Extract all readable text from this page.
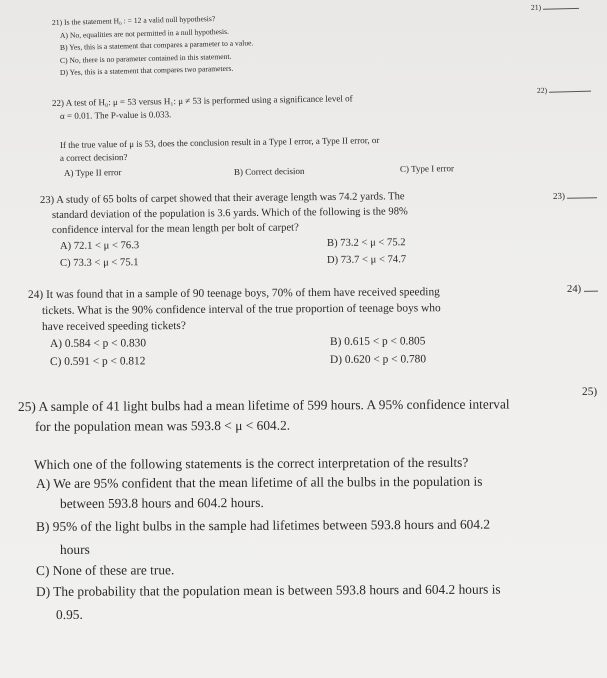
21)
21) Is the statement H₀ : = 12 a valid null hypothesis?
A) No, equalities are not permitted in a null hypothesis.
B) Yes, this is a statement that compares a parameter to a value.
C) No, there is no parameter contained in this statement.
D) Yes, this is a statement that compares two parameters.
22)
22) A test of H₀: μ = 53 versus H₁: μ ≠ 53 is performed using a significance level of
α = 0.01. The P-value is 0.033.
If the true value of μ is 53, does the conclusion result in a Type I error, a Type II error, or
a correct decision?
A) Type II error	B) Correct decision	C) Type I error
23)
23) A study of 65 bolts of carpet showed that their average length was 74.2 yards. The
standard deviation of the population is 3.6 yards. Which of the following is the 98%
confidence interval for the mean length per bolt of carpet?
A) 72.1 < μ < 76.3	B) 73.2 < μ < 75.2
C) 73.3 < μ < 75.1	D) 73.7 < μ < 74.7
24)
24) It was found that in a sample of 90 teenage boys, 70% of them have received speeding
tickets. What is the 90% confidence interval of the true proportion of teenage boys who
have received speeding tickets?
A) 0.584 < p < 0.830	B) 0.615 < p < 0.805
C) 0.591 < p < 0.812	D) 0.620 < p < 0.780
25)
25) A sample of 41 light bulbs had a mean lifetime of 599 hours. A 95% confidence interval
for the population mean was 593.8 < μ < 604.2.
Which one of the following statements is the correct interpretation of the results?
A) We are 95% confident that the mean lifetime of all the bulbs in the population is
between 593.8 hours and 604.2 hours.
B) 95% of the light bulbs in the sample had lifetimes between 593.8 hours and 604.2
hours
C) None of these are true.
D) The probability that the population mean is between 593.8 hours and 604.2 hours is
0.95.
